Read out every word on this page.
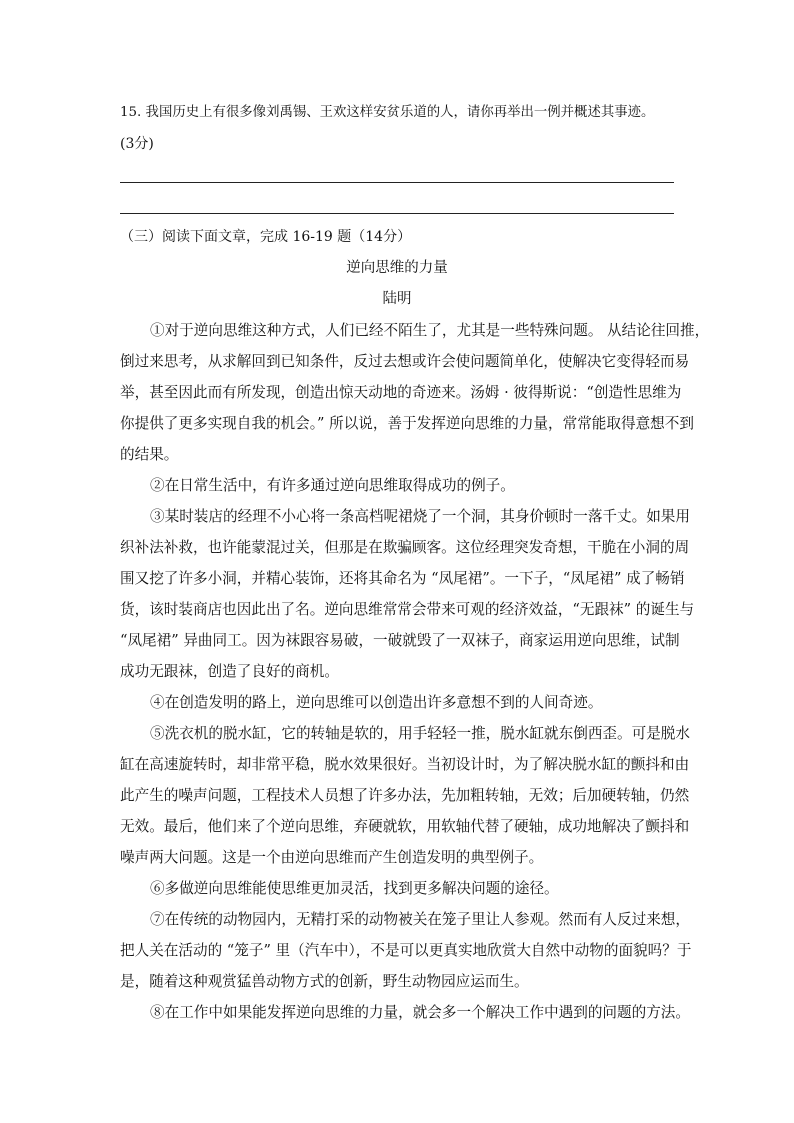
15. 我国历史上有很多像刘禹锡、王欢这样安贫乐道的人，请你再举出一例并概述其事迹。
(3分)
（三）阅读下面文章，完成 16-19 题（14分）
逆向思维的力量
陆明
①对于逆向思维这种方式，人们已经不陌生了，尤其是一些特殊问题。 从结论往回推，
倒过来思考，从求解回到已知条件，反过去想或许会使问题简单化，使解决它变得轻而易
举，甚至因此而有所发现，创造出惊天动地的奇迹来。汤姆 · 彼得斯说：“创造性思维为
你提供了更多实现自我的机会。” 所以说，善于发挥逆向思维的力量，常常能取得意想不到
的结果。
②在日常生活中，有许多通过逆向思维取得成功的例子。
③某时装店的经理不小心将一条高档呢裙烧了一个洞，其身价顿时一落千丈。如果用
织补法补救，也许能蒙混过关，但那是在欺骗顾客。这位经理突发奇想，干脆在小洞的周
围又挖了许多小洞，并精心装饰，还将其命名为 “凤尾裙”。一下子，“凤尾裙” 成了畅销
货，该时装商店也因此出了名。逆向思维常常会带来可观的经济效益，“无跟袜” 的诞生与
“凤尾裙” 异曲同工。因为袜跟容易破，一破就毁了一双袜子，商家运用逆向思维，试制
成功无跟袜，创造了良好的商机。
④在创造发明的路上，逆向思维可以创造出许多意想不到的人间奇迹。
⑤洗衣机的脱水缸，它的转轴是软的，用手轻轻一推，脱水缸就东倒西歪。可是脱水
缸在高速旋转时，却非常平稳，脱水效果很好。当初设计时，为了解决脱水缸的颤抖和由
此产生的噪声问题，工程技术人员想了许多办法，先加粗转轴，无效；后加硬转轴，仍然
无效。最后，他们来了个逆向思维，弃硬就软，用软轴代替了硬轴，成功地解决了颤抖和
噪声两大问题。这是一个由逆向思维而产生创造发明的典型例子。
⑥多做逆向思维能使思维更加灵活，找到更多解决问题的途径。
⑦在传统的动物园内，无精打采的动物被关在笼子里让人参观。然而有人反过来想，
把人关在活动的 “笼子” 里（汽车中），不是可以更真实地欣赏大自然中动物的面貌吗？于
是，随着这种观赏猛兽动物方式的创新，野生动物园应运而生。
⑧在工作中如果能发挥逆向思维的力量，就会多一个解决工作中遇到的问题的方法。
